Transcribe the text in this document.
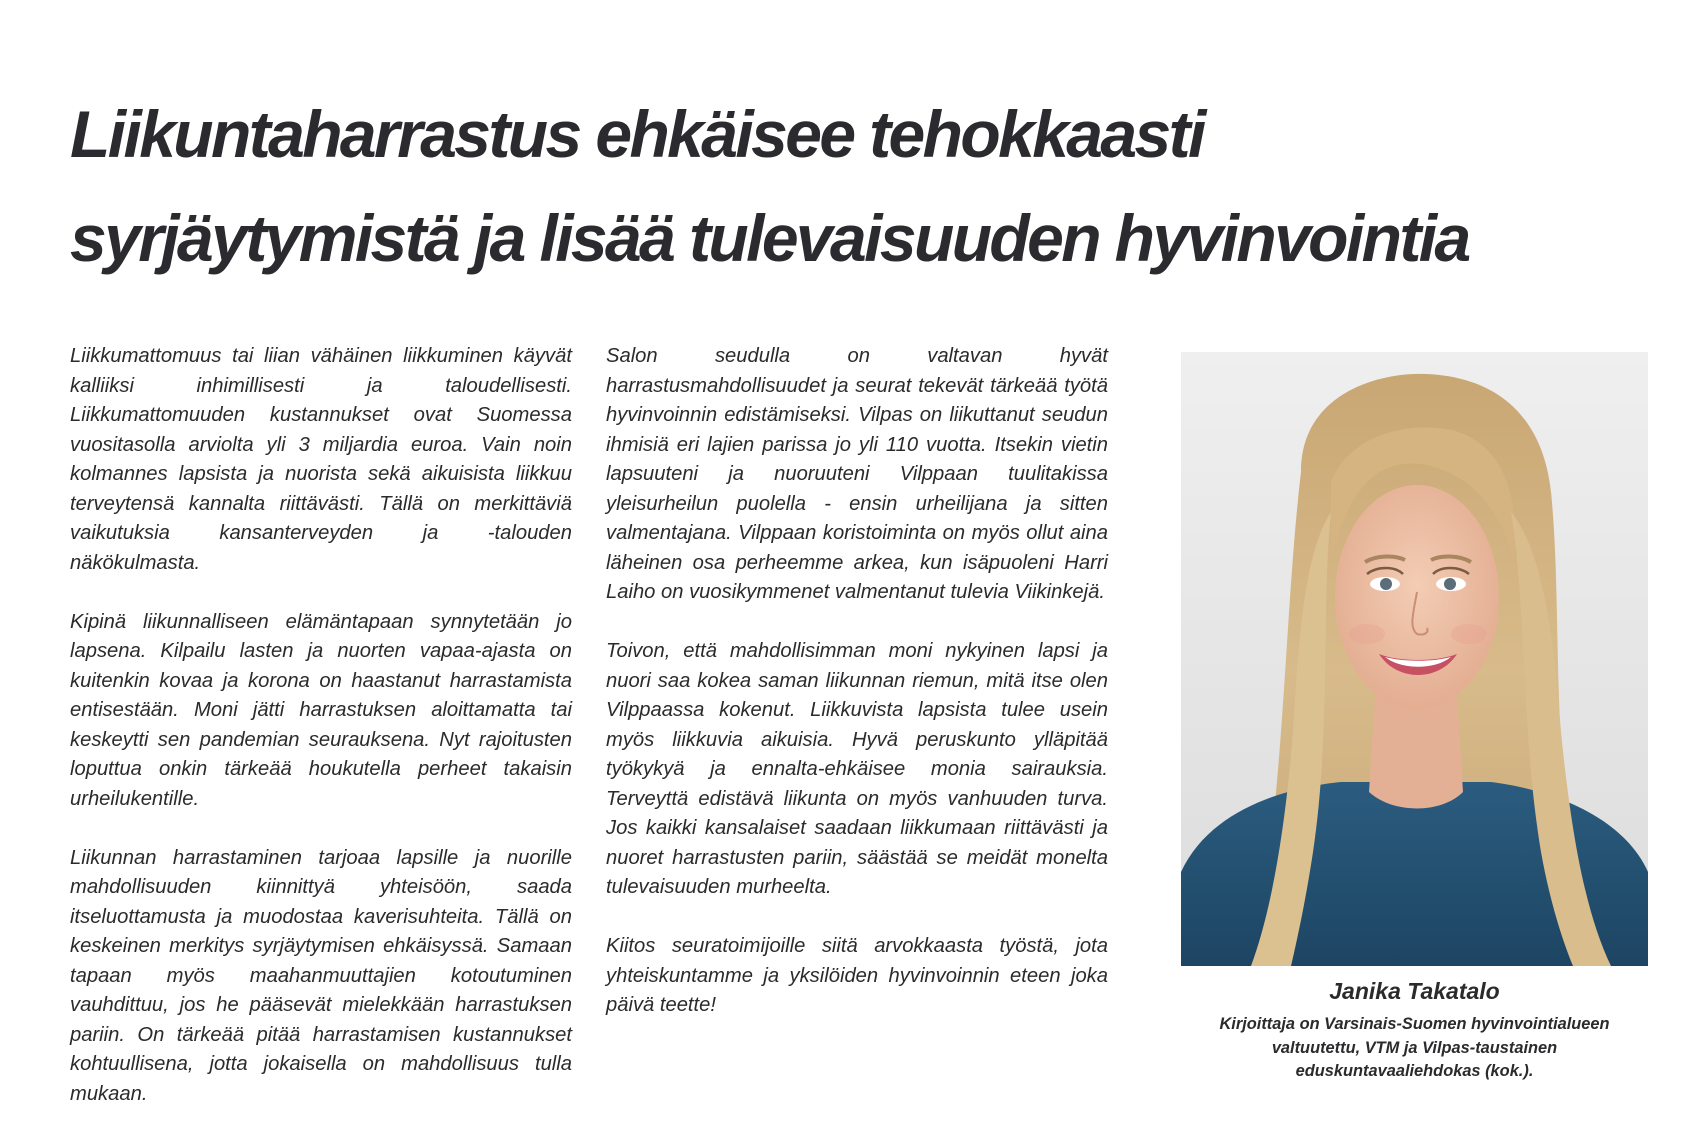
Liikuntaharrastus ehkäisee tehokkaasti
syrjäytymistä ja lisää tulevaisuuden hyvinvointia

Liikkumattomuus tai liian vähäinen liikkuminen käyvät kalliiksi inhimillisesti ja taloudellisesti. Liikkumattomuuden kustannukset ovat Suomessa vuositasolla arviolta yli 3 miljardia euroa. Vain noin kolmannes lapsista ja nuorista sekä aikuisista liikkuu terveytensä kannalta riittävästi. Tällä on merkittäviä vaikutuksia kansanterveyden ja -talouden näkökulmasta.

Kipinä liikunnalliseen elämäntapaan synnytetään jo lapsena. Kilpailu lasten ja nuorten vapaa-ajasta on kuitenkin kovaa ja korona on haastanut harrastamista entisestään. Moni jätti harrastuksen aloittamatta tai keskeytti sen pandemian seurauksena. Nyt rajoitusten loputtua onkin tärkeää houkutella perheet takaisin urheilukentille.

Liikunnan harrastaminen tarjoaa lapsille ja nuorille mahdollisuuden kiinnittyä yhteisöön, saada itseluottamusta ja muodostaa kaverisuhteita. Tällä on keskeinen merkitys syrjäytymisen ehkäisyssä. Samaan tapaan myös maahanmuuttajien kotoutuminen vauhdittuu, jos he pääsevät mielekkään harrastuksen pariin. On tärkeää pitää harrastamisen kustannukset kohtuullisena, jotta jokaisella on mahdollisuus tulla mukaan.

Salon seudulla on valtavan hyvät harrastusmahdollisuudet ja seurat tekevät tärkeää työtä hyvinvoinnin edistämiseksi. Vilpas on liikuttanut seudun ihmisiä eri lajien parissa jo yli 110 vuotta. Itsekin vietin lapsuuteni ja nuoruuteni Vilppaan tuulitakissa yleisurheilun puolella - ensin urheilijana ja sitten valmentajana. Vilppaan koristoiminta on myös ollut aina läheinen osa perheemme arkea, kun isäpuoleni Harri Laiho on vuosikymmenet valmentanut tulevia Viikinkejä.

Toivon, että mahdollisimman moni nykyinen lapsi ja nuori saa kokea saman liikunnan riemun, mitä itse olen Vilppaassa kokenut. Liikkuvista lapsista tulee usein myös liikkuvia aikuisia. Hyvä peruskunto ylläpitää työkykyä ja ennalta-ehkäisee monia sairauksia. Terveyttä edistävä liikunta on myös vanhuuden turva. Jos kaikki kansalaiset saadaan liikkumaan riittävästi ja nuoret harrastusten pariin, säästää se meidät monelta tulevaisuuden murheelta.

Kiitos seuratoimijoille siitä arvokkaasta työstä, jota yhteiskuntamme ja yksilöiden hyvinvoinnin eteen joka päivä teette!

Janika Takatalo

Kirjoittaja on Varsinais-Suomen hyvinvointialueen
valtuutettu, VTM ja Vilpas-taustainen
eduskuntavaaliehdokas (kok.).
